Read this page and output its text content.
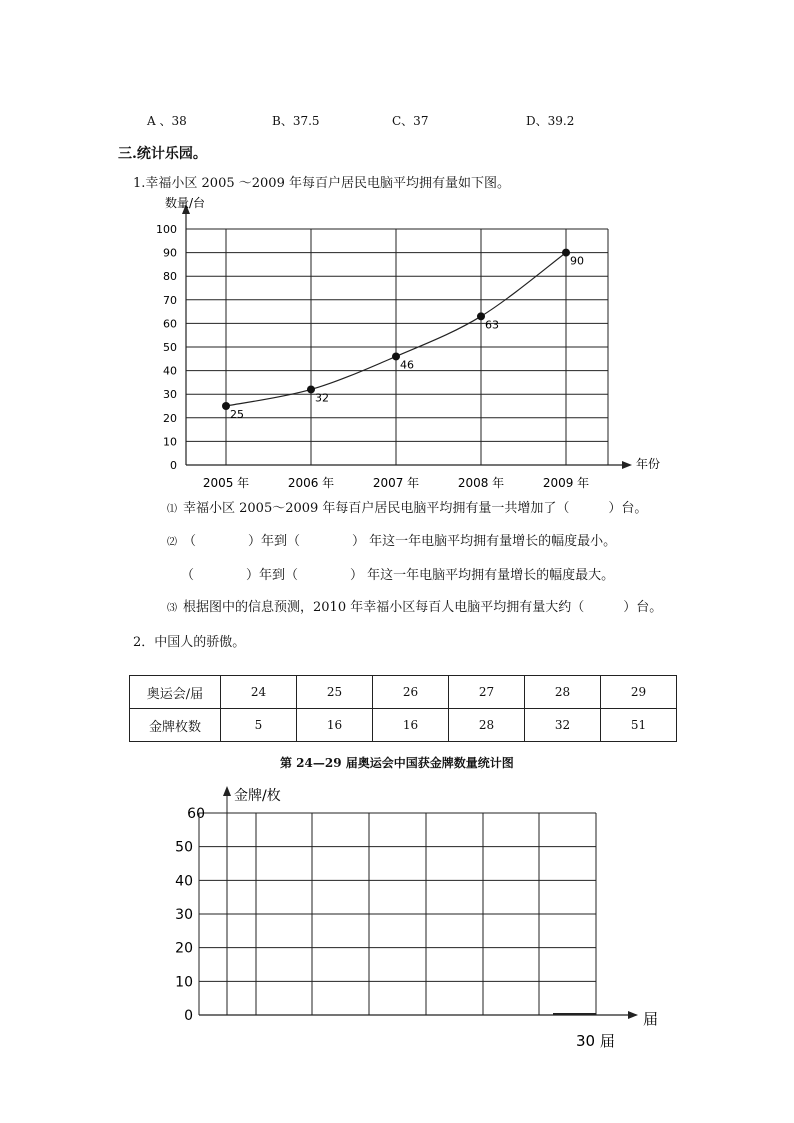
A 、38	B、37.5	C、37	D、39.2
三.统计乐园。
1.幸福小区 2005 ～2009 年每百户居民电脑平均拥有量如下图。
0
10
20
30
40
50
60
70
80
90
100
数量/台
年份
2005 年	2006 年	2007 年	2008 年	2009 年
25
32
46
63
90
0
10
20
30
40
50
60
金牌/枚
届
30 届
⑴ 幸福小区 2005～2009 年每百户居民电脑平均拥有量一共增加了（　　　）台。
⑵ （　　　　）年到（　　　　） 年这一年电脑平均拥有量增长的幅度最小。
（　　　　）年到（　　　　） 年这一年电脑平均拥有量增长的幅度最大。
⑶ 根据图中的信息预测，2010 年幸福小区每百人电脑平均拥有量大约（　　　）台。
2．中国人的骄傲。
奥运会/届	24	25	26	27	28	29
金牌枚数	5	16	16	28	32	51
第 24—29 届奥运会中国获金牌数量统计图
